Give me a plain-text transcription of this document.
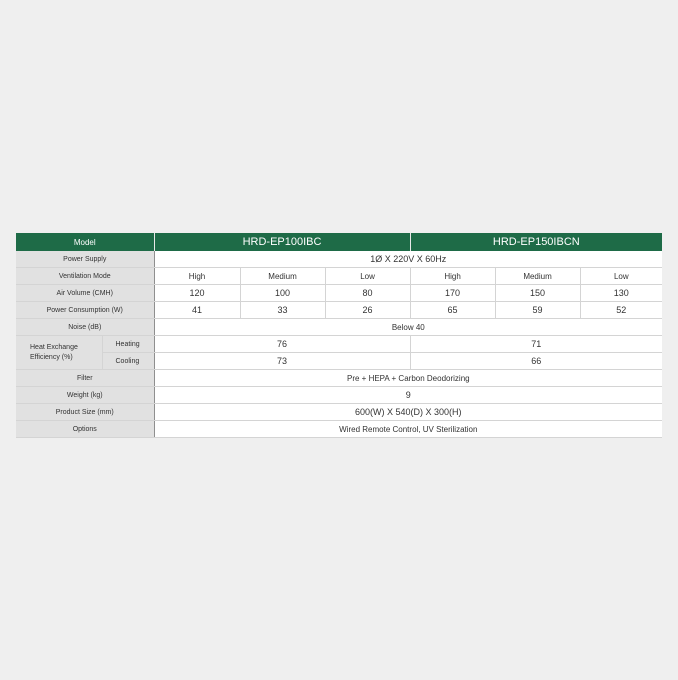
Model		HRD-EP100IBC			HRD-EP150IBCN		
Power Supply		1Ø X 220V X 60Hz					
Ventilation Mode		High	Medium	Low	High	Medium	Low
Air Volume (CMH)		120	100	80	170	150	130
Power Consumption (W)		41	33	26	65	59	52
Noise (dB)		Below 40					
Heat Exchange Efficiency (%)	Heating	76			71		
	Cooling	73			66		
Filter		Pre + HEPA + Carbon Deodorizing					
Weight (kg)		9					
Product Size (mm)		600(W) X 540(D) X 300(H)					
Options		Wired Remote Control, UV Sterilization					
